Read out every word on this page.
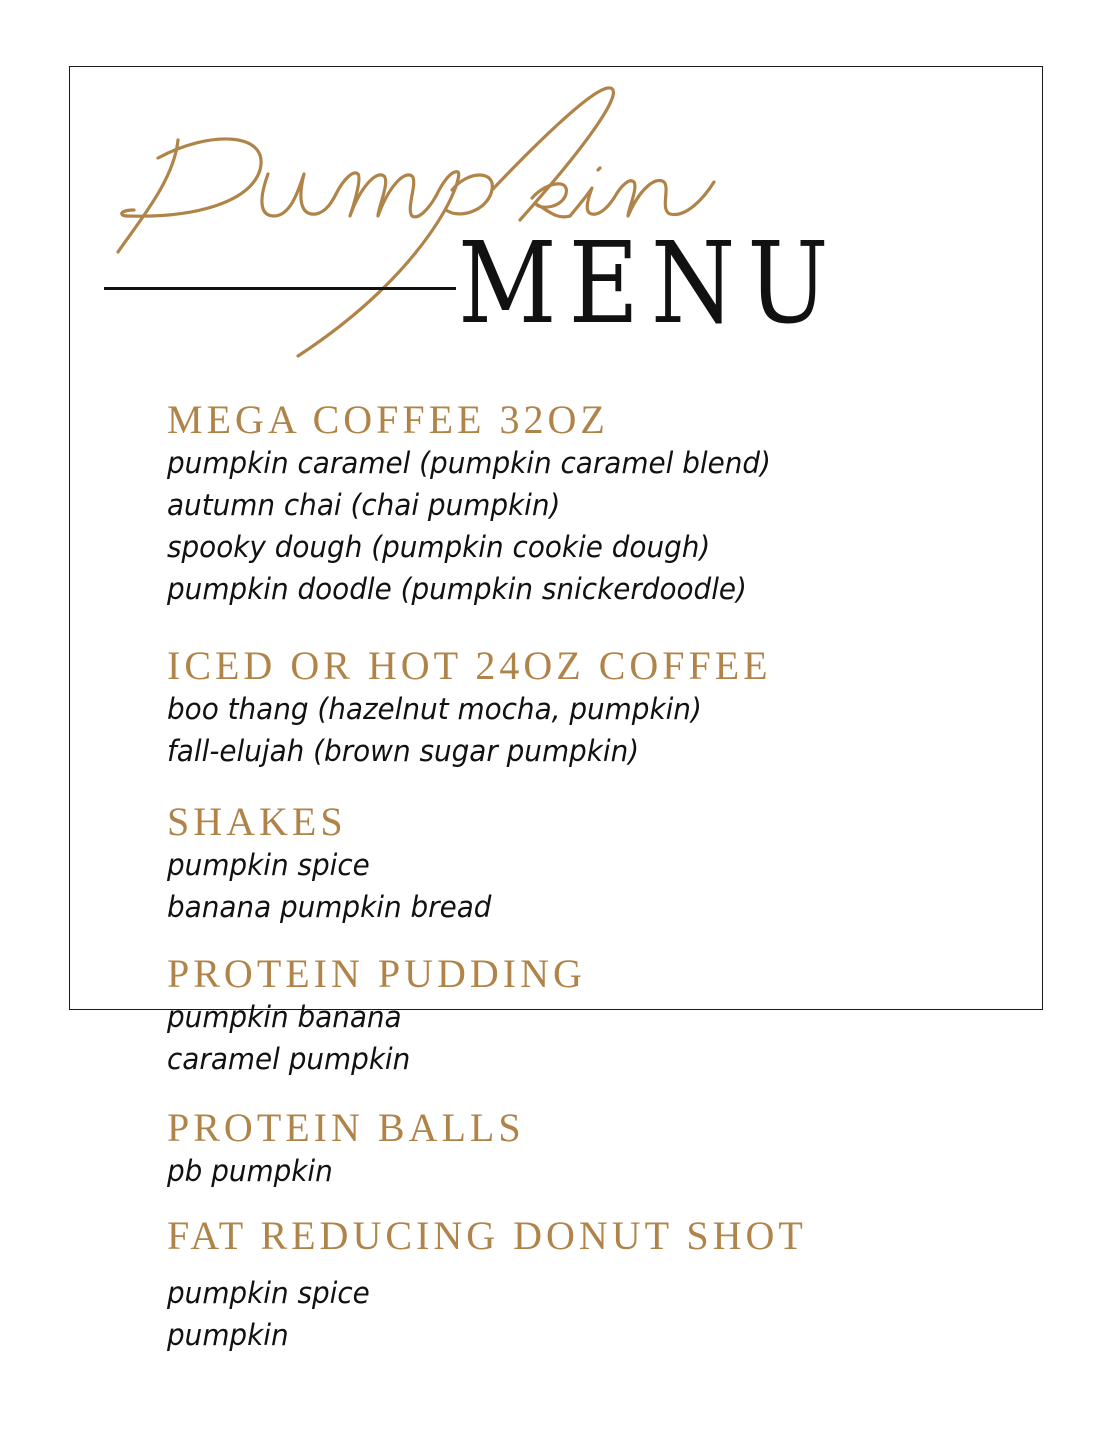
MENU
MEGA COFFEE 32OZ
pumpkin caramel (pumpkin caramel blend)
autumn chai (chai pumpkin)
spooky dough (pumpkin cookie dough)
pumpkin doodle (pumpkin snickerdoodle)
ICED OR HOT 24OZ COFFEE
boo thang (hazelnut mocha, pumpkin)
fall-elujah (brown sugar pumpkin)
SHAKES
pumpkin spice
banana pumpkin bread
PROTEIN PUDDING
pumpkin banana
caramel pumpkin
PROTEIN BALLS
pb pumpkin
FAT REDUCING DONUT SHOT
pumpkin spice
pumpkin
